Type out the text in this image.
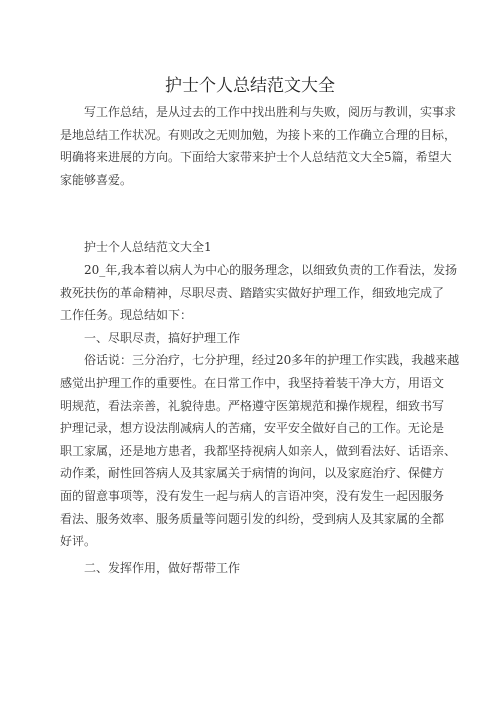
护士个人总结范文大全
写工作总结，是从过去的工作中找出胜利与失败，阅历与教训，实事求
是地总结工作状况。有则改之无则加勉，为接卜来的工作确立合理的目标，
明确将来进展的方向。下面给大家带来护士个人总结范文大全5篇，希望大
家能够喜爱。
护士个人总结范文大全1
20_年,我本着以病人为中心的服务理念，以细致负责的工作看法，发扬
救死扶伤的革命精神，尽职尽责、踏踏实实做好护理工作，细致地完成了
工作任务。现总结如下：
一、尽职尽责，搞好护理工作
俗话说：三分治疗，七分护理，经过20多年的护理工作实践，我越来越
感觉出护理工作的重要性。在日常工作中，我坚持着装干净大方，用语文
明规范，看法亲善，礼貌待患。严格遵守医第规范和操作规程，细致书写
护理记录，想方设法削减病人的苦痛，安平安全做好自己的工作。无论是
职工家属，还是地方患者，我都坚持视病人如亲人，做到看法好、话语亲、
动作柔，耐性回答病人及其家属关于病情的询问，以及家庭治疗、保健方
面的留意事项等，没有发生一起与病人的言语冲突，没有发生一起因服务
看法、服务效率、服务质量等问题引发的纠纷，受到病人及其家属的全都
好评。
二、发挥作用，做好帮带工作
